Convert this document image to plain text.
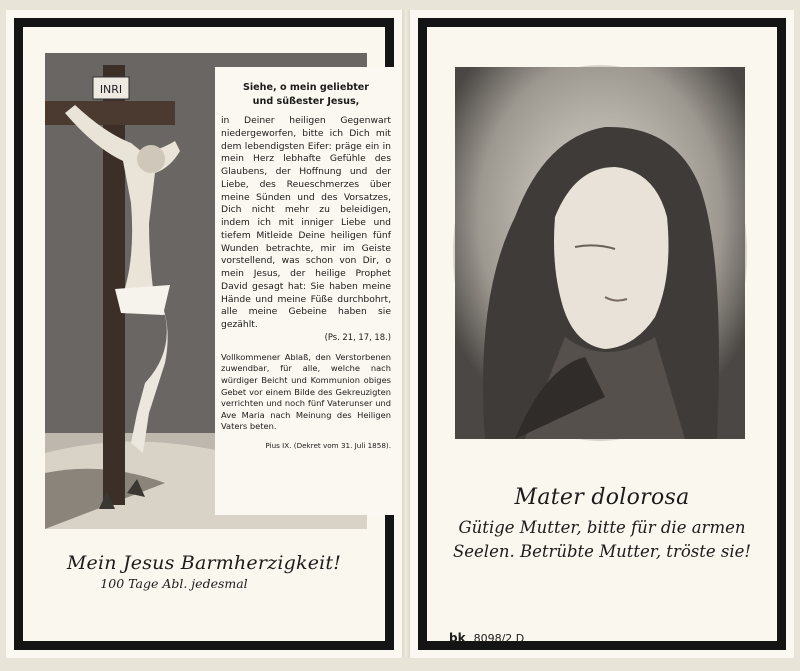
INRI	Siehe, o mein geliebter
und süßester Jesus,

in Deiner heiligen Gegenwart niedergeworfen, bitte ich Dich mit dem lebendigsten Eifer: präge ein in mein Herz lebhafte Gefühle des Glaubens, der Hoffnung und der Liebe, des Reueschmerzes über meine Sünden und des Vorsatzes, Dich nicht mehr zu beleidigen, indem ich mit inniger Liebe und tiefem Mitleide Deine heiligen fünf Wunden betrachte, mir im Geiste vorstellend, was schon von Dir, o mein Jesus, der heilige Prophet David gesagt hat: Sie haben meine Hände und meine Füße durchbohrt, alle meine Gebeine haben sie gezählt.

(Ps. 21, 17, 18.)

Vollkommener Ablaß, den Verstorbenen zuwendbar, für alle, welche nach würdiger Beicht und Kommunion obiges Gebet vor einem Bilde des Gekreuzigten verrichten und noch fünf Vaterunser und Ave Maria nach Meinung des Heiligen Vaters beten.

Pius IX. (Dekret vom 31. Juli 1858).

Mein Jesus Barmherzigkeit!
100 Tage Abl. jedesmal
Mater dolorosa
Gütige Mutter, bitte für die armen
Seelen. Betrübte Mutter, tröste sie!
bk 8098/2 D
